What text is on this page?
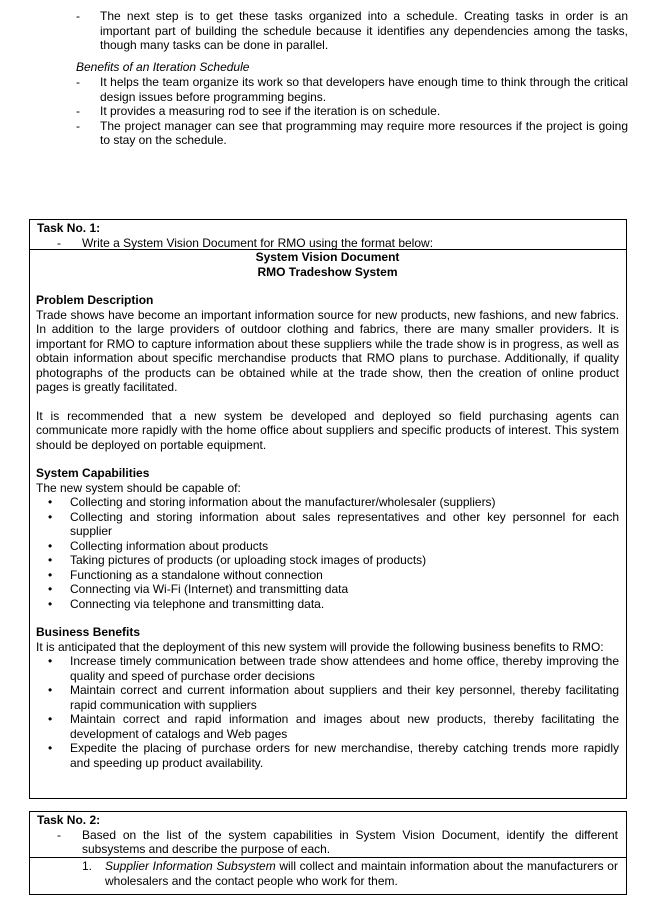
- The next step is to get these tasks organized into a schedule. Creating tasks in order is an important part of building the schedule because it identifies any dependencies among the tasks, though many tasks can be done in parallel.

Benefits of an Iteration Schedule

- It helps the team organize its work so that developers have enough time to think through the critical design issues before programming begins.

- It provides a measuring rod to see if the iteration is on schedule.

- The project manager can see that programming may require more resources if the project is going to stay on the schedule.

Task No. 1:

- Write a System Vision Document for RMO using the format below:

System Vision Document
RMO Tradeshow System
Problem Description

Trade shows have become an important information source for new products, new fashions, and new fabrics. In addition to the large providers of outdoor clothing and fabrics, there are many smaller providers. It is important for RMO to capture information about these suppliers while the trade show is in progress, as well as obtain information about specific merchandise products that RMO plans to purchase. Additionally, if quality photographs of the products can be obtained while at the trade show, then the creation of online product pages is greatly facilitated.

It is recommended that a new system be developed and deployed so field purchasing agents can communicate more rapidly with the home office about suppliers and specific products of interest. This system should be deployed on portable equipment.

System Capabilities
The new system should be capable of:
• Collecting and storing information about the manufacturer/wholesaler (suppliers)
• Collecting and storing information about sales representatives and other key personnel for each supplier
• Collecting information about products
• Taking pictures of products (or uploading stock images of products)
• Functioning as a standalone without connection
• Connecting via Wi-Fi (Internet) and transmitting data
• Connecting via telephone and transmitting data.
Business Benefits

It is anticipated that the deployment of this new system will provide the following business benefits to RMO:

• Increase timely communication between trade show attendees and home office, thereby improving the quality and speed of purchase order decisions
• Maintain correct and current information about suppliers and their key personnel, thereby facilitating rapid communication with suppliers
• Maintain correct and rapid information and images about new products, thereby facilitating the development of catalogs and Web pages
• Expedite the placing of purchase orders for new merchandise, thereby catching trends more rapidly and speeding up product availability.
Task No. 2:

- Based on the list of the system capabilities in System Vision Document, identify the different subsystems and describe the purpose of each.

1. Supplier Information Subsystem will collect and maintain information about the manufacturers or wholesalers and the contact people who work for them.
